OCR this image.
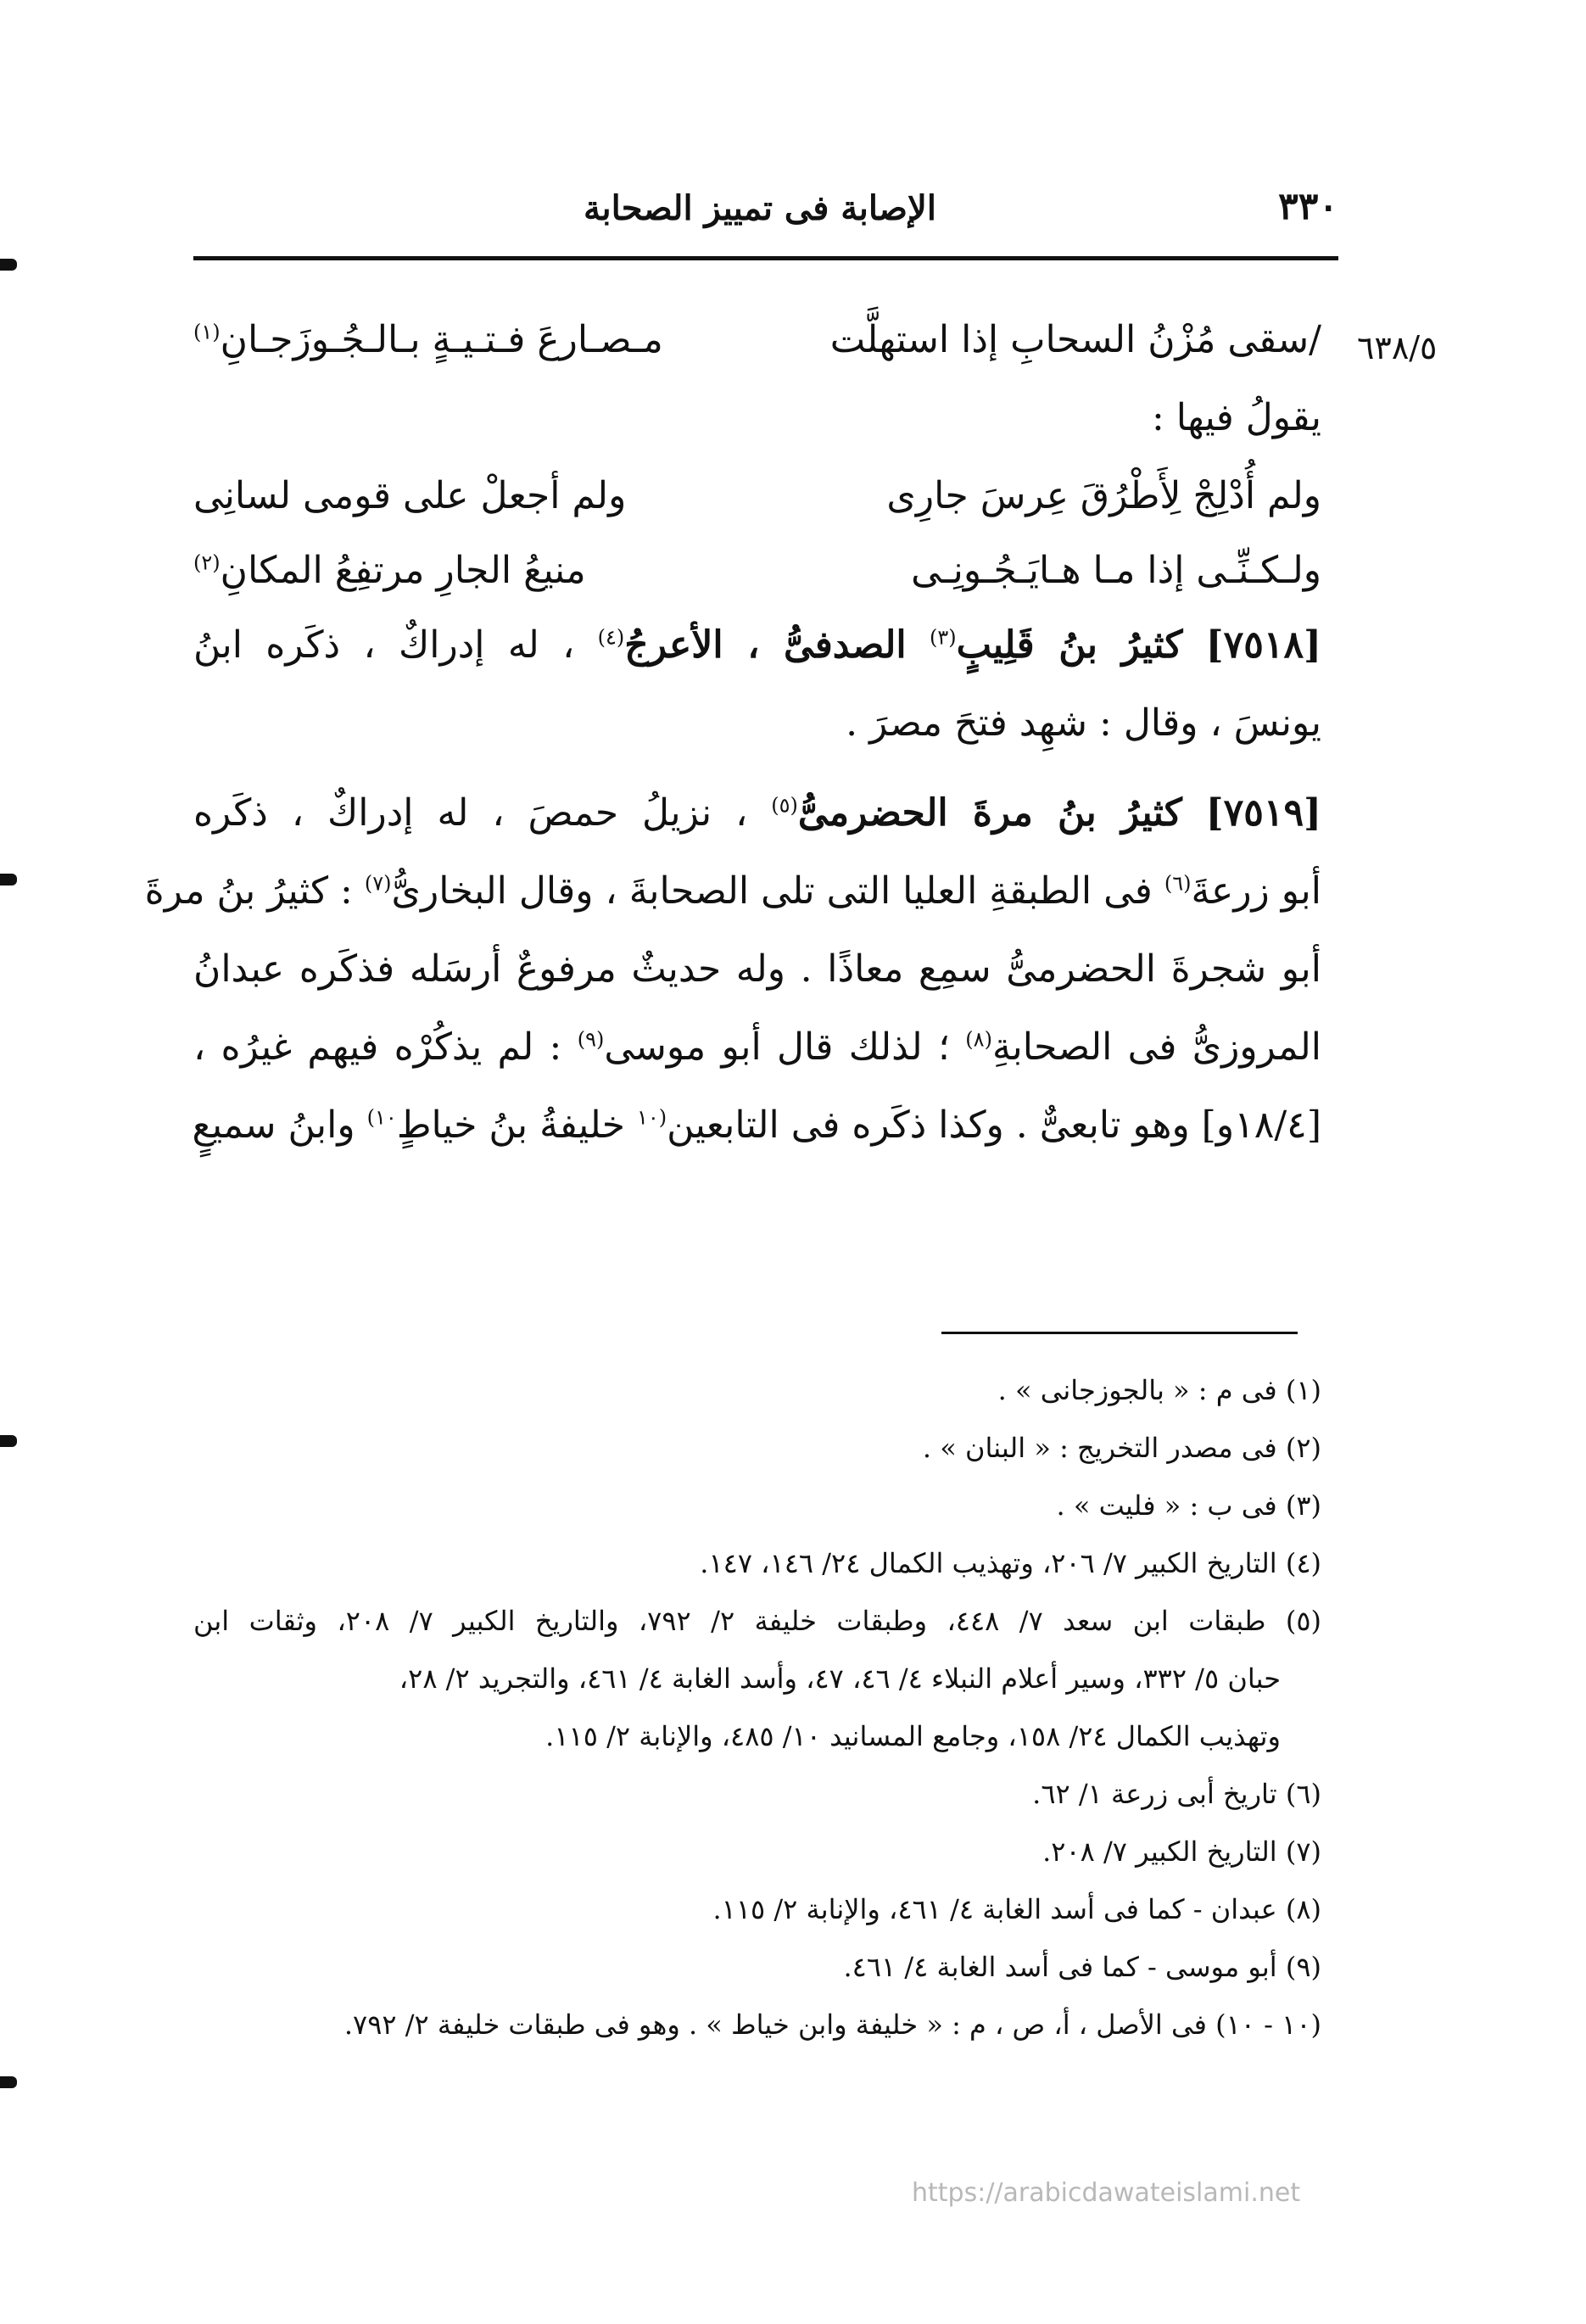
٣٣٠
الإصابة فى تمييز الصحابة
٦٣٨/٥
/سقى مُزْنُ السحابِ إذا استهلَّت
مـصـارعَ فـتـيـةٍ بـالـجُـوزَجـانِ$^{(١)}$
يقولُ فيها :
ولم أُدْلِجْ لِأَطْرُقَ عِرسَ جارِى
ولم أجعلْ على قومى لسانِى
ولـكـنِّـى إذا مـا هـايَـجُـونِـى
منيعُ الجارِ مرتفِعُ المكانِ$^{(٢)}$
[٧٥١٨] كثيرُ بنُ قَلِيبٍ$^{(٣)}$ الصدفىُّ ، الأعرجُ$^{(٤)}$ ، له إدراكٌ ، ذكَره ابنُ
يونسَ ، وقال : شهِد فتحَ مصرَ .
[٧٥١٩] كثيرُ بنُ مرةَ الحضرمىُّ$^{(٥)}$ ، نزيلُ حمصَ ، له إدراكٌ ، ذكَره
أبو زرعةَ$^{(٦)}$ فى الطبقةِ العليا التى تلى الصحابةَ ، وقال البخارىُّ$^{(٧)}$ : كثيرُ بنُ مرةَ
أبو شجرةَ الحضرمىُّ سمِع معاذًا . وله حديثٌ مرفوعٌ أرسَله فذكَره عبدانُ
المروزىُّ فى الصحابةِ$^{(٨)}$ ؛ لذلك قال أبو موسى$^{(٩)}$ : لم يذكُرْه فيهم غيرُه ،
[١٨/٤و] وهو تابعىٌّ . وكذا ذكَره فى التابعين$^{(١٠}$ خليفةُ بنُ خياطٍ$^{١٠)}$ وابنُ سميعٍ
(١) فى م : « بالجوزجانى » .
(٢) فى مصدر التخريج : « البنان » .
(٣) فى ب : « فليت » .
(٤) التاريخ الكبير ٧/ ٢٠٦، وتهذيب الكمال ٢٤/ ١٤٦، ١٤٧.
(٥) طبقات ابن سعد ٧/ ٤٤٨، وطبقات خليفة ٢/ ٧٩٢، والتاريخ الكبير ٧/ ٢٠٨، وثقات ابن
حبان ٥/ ٣٣٢، وسير أعلام النبلاء ٤/ ٤٦، ٤٧، وأسد الغابة ٤/ ٤٦١، والتجريد ٢/ ٢٨،
وتهذيب الكمال ٢٤/ ١٥٨، وجامع المسانيد ١٠/ ٤٨٥، والإنابة ٢/ ١١٥.
(٦) تاريخ أبى زرعة ١/ ٦٢.
(٧) التاريخ الكبير ٧/ ٢٠٨.
(٨) عبدان - كما فى أسد الغابة ٤/ ٤٦١، والإنابة ٢/ ١١٥.
(٩) أبو موسى - كما فى أسد الغابة ٤/ ٤٦١.
(١٠ - ١٠) فى الأصل ، أ، ص ، م : « خليفة وابن خياط » . وهو فى طبقات خليفة ٢/ ٧٩٢.
https://arabicdawateislami.net
